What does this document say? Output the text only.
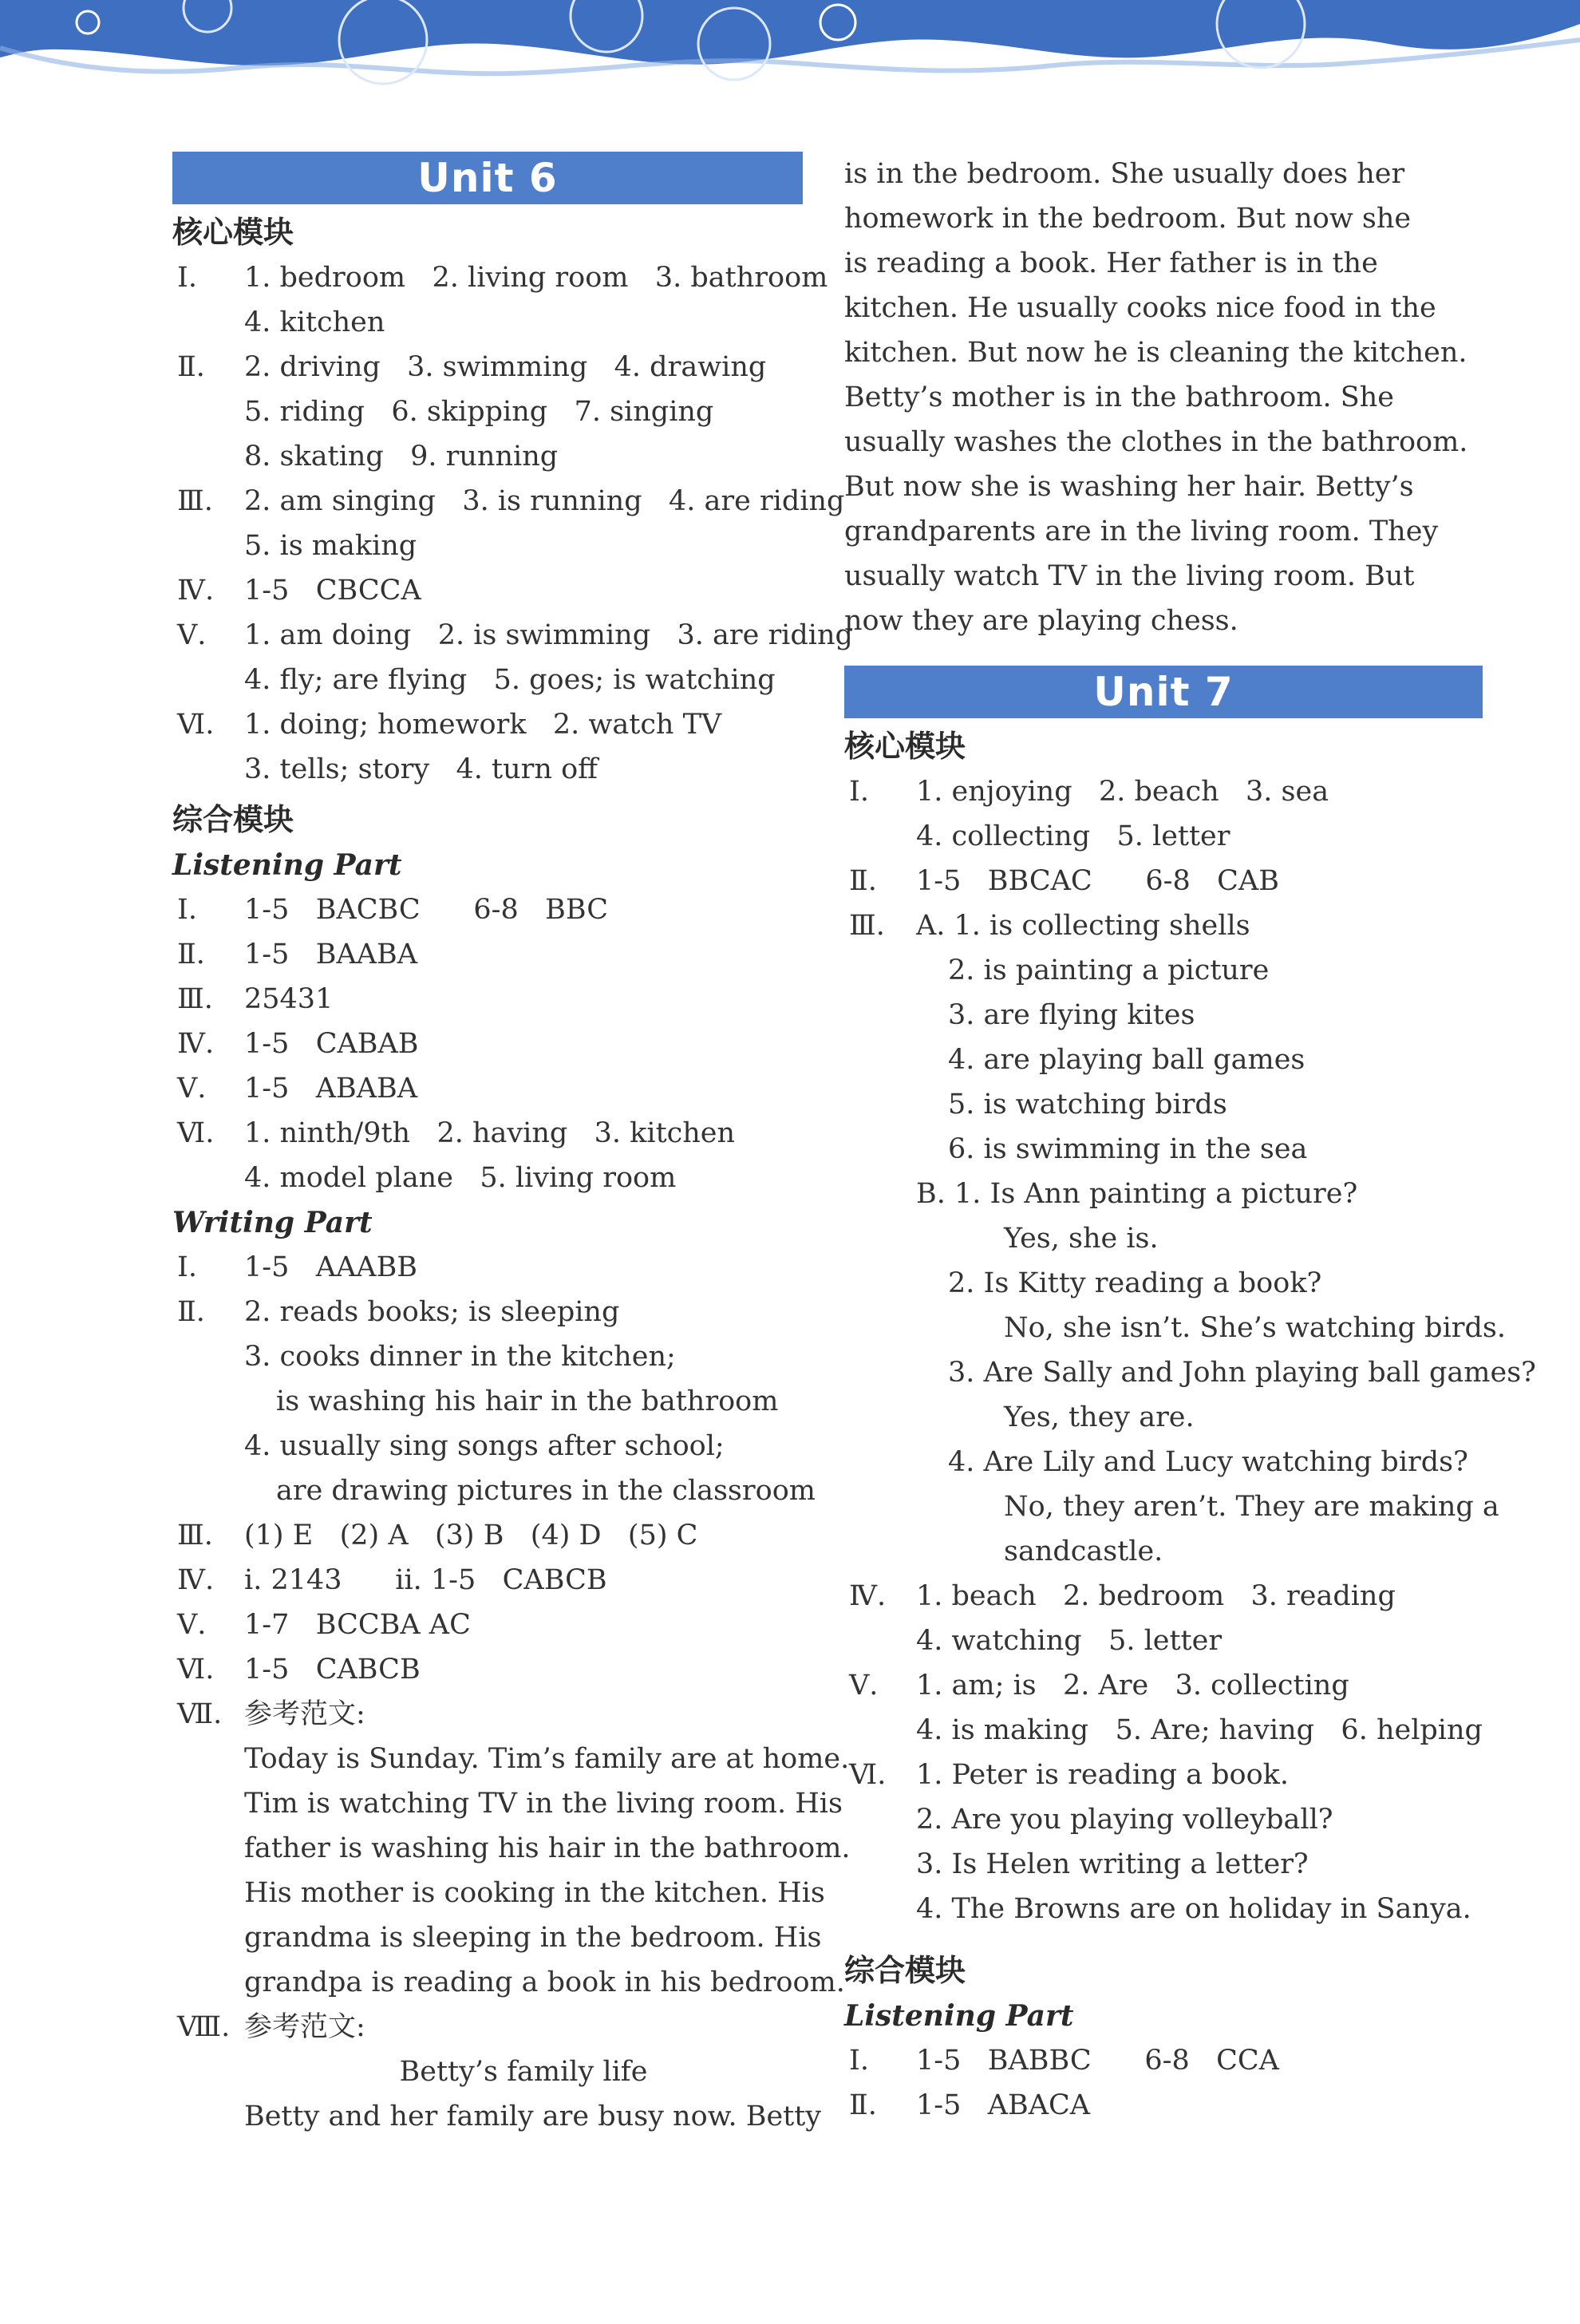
Unit 6
核心模块
Ⅰ.	1. bedroom   2. living room   3. bathroom
4. kitchen
Ⅱ.	2. driving   3. swimming   4. drawing
5. riding   6. skipping   7. singing
8. skating   9. running
Ⅲ.	2. am singing   3. is running   4. are riding
5. is making
Ⅳ.	1-5   CBCCA
Ⅴ.	1. am doing   2. is swimming   3. are riding
4. fly; are flying   5. goes; is watching
Ⅵ.	1. doing; homework   2. watch TV
3. tells; story   4. turn off
综合模块
Listening Part
Ⅰ.	1-5   BACBC      6-8   BBC
Ⅱ.	1-5   BAABA
Ⅲ.	25431
Ⅳ.	1-5   CABAB
Ⅴ.	1-5   ABABA
Ⅵ.	1. ninth/9th   2. having   3. kitchen
4. model plane   5. living room
Writing Part
Ⅰ.	1-5   AAABB
Ⅱ.	2. reads books; is sleeping
3. cooks dinner in the kitchen;
is washing his hair in the bathroom
4. usually sing songs after school;
are drawing pictures in the classroom
Ⅲ.	(1) E   (2) A   (3) B   (4) D   (5) C
Ⅳ.	ⅰ. 2143      ⅱ. 1-5   CABCB
Ⅴ.	1-7   BCCBA AC
Ⅵ.	1-5   CABCB
Ⅶ. 参考范文:
Today is Sunday. Tim’s family are at home.
Tim is watching TV in the living room. His
father is washing his hair in the bathroom.
His mother is cooking in the kitchen. His
grandma is sleeping in the bedroom. His
grandpa is reading a book in his bedroom.
Ⅷ. 参考范文:
Betty’s family life
Betty and her family are busy now. Betty
is in the bedroom. She usually does her
homework in the bedroom. But now she
is reading a book. Her father is in the
kitchen. He usually cooks nice food in the
kitchen. But now he is cleaning the kitchen.
Betty’s mother is in the bathroom. She
usually washes the clothes in the bathroom.
But now she is washing her hair. Betty’s
grandparents are in the living room. They
usually watch TV in the living room. But
now they are playing chess.
Unit 7
核心模块
Ⅰ.	1. enjoying   2. beach   3. sea
4. collecting   5. letter
Ⅱ.	1-5   BBCAC      6-8   CAB
Ⅲ.	A. 1. is collecting shells
2. is painting a picture
3. are flying kites
4. are playing ball games
5. is watching birds
6. is swimming in the sea
B. 1. Is Ann painting a picture?
Yes, she is.
2. Is Kitty reading a book?
No, she isn’t. She’s watching birds.
3. Are Sally and John playing ball games?
Yes, they are.
4. Are Lily and Lucy watching birds?
No, they aren’t. They are making a
sandcastle.
Ⅳ.	1. beach   2. bedroom   3. reading
4. watching   5. letter
Ⅴ.	1. am; is   2. Are   3. collecting
4. is making   5. Are; having   6. helping
Ⅵ.	1. Peter is reading a book.
2. Are you playing volleyball?
3. Is Helen writing a letter?
4. The Browns are on holiday in Sanya.
综合模块
Listening Part
Ⅰ.	1-5   BABBC      6-8   CCA
Ⅱ.	1-5   ABACA
